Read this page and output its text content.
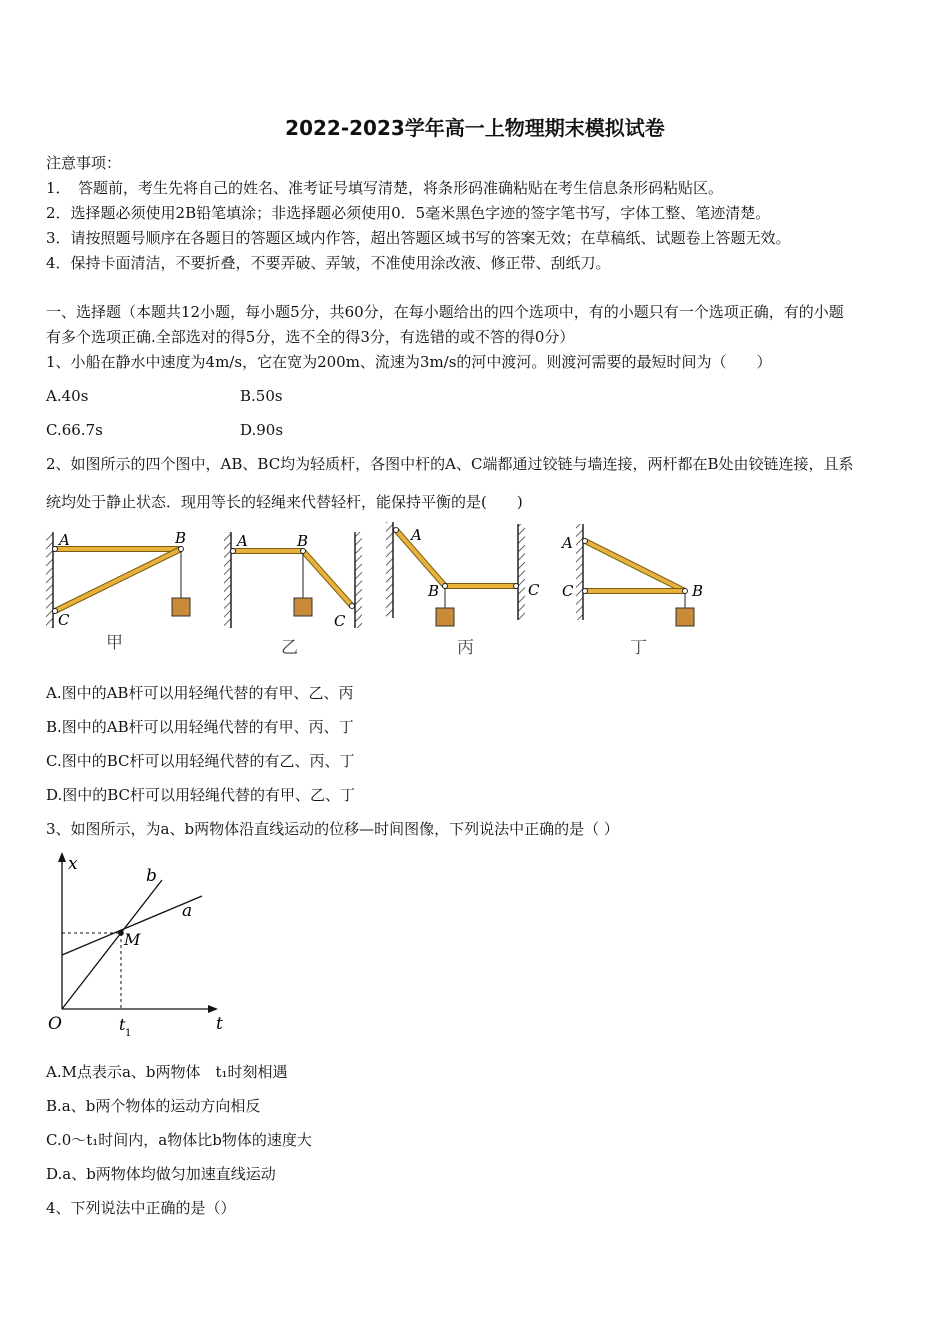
2022-2023学年高一上物理期末模拟试卷
注意事项：
1．　答题前，考生先将自己的姓名、准考证号填写清楚，将条形码准确粘贴在考生信息条形码粘贴区。
2．选择题必须使用2B铅笔填涂；非选择题必须使用0．5毫米黑色字迹的签字笔书写，字体工整、笔迹清楚。
3．请按照题号顺序在各题目的答题区域内作答，超出答题区域书写的答案无效；在草稿纸、试题卷上答题无效。
4．保持卡面清洁，不要折叠，不要弄破、弄皱，不准使用涂改液、修正带、刮纸刀。
一、选择题（本题共12小题，每小题5分，共60分，在每小题给出的四个选项中，有的小题只有一个选项正确，有的小题
有多个选项正确.全部选对的得5分，选不全的得3分，有选错的或不答的得0分）
1、小船在静水中速度为4m/s，它在宽为200m、流速为3m/s的河中渡河。则渡河需要的最短时间为（　　）
A.40s	B.50s
C.66.7s	D.90s
2、如图所示的四个图中，AB、BC均为轻质杆，各图中杆的A、C端都通过铰链与墙连接，两杆都在B处由铰链连接，且系
统均处于静止状态．现用等长的轻绳来代替轻杆，能保持平衡的是(　　)
A	B
C
甲
A	B
C
乙
A
B	C
丙
A
B
C
丁
A.图中的AB杆可以用轻绳代替的有甲、乙、丙
B.图中的AB杆可以用轻绳代替的有甲、丙、丁
C.图中的BC杆可以用轻绳代替的有乙、丙、丁
D.图中的BC杆可以用轻绳代替的有甲、乙、丁
3、如图所示，为a、b两物体沿直线运动的位移—时间图像，下列说法中正确的是（ ）
x
t
O	t 1
M
a
b
A.M点表示a、b两物体　t₁时刻相遇
B.a、b两个物体的运动方向相反
C.0～t₁时间内，a物体比b物体的速度大
D.a、b两物体均做匀加速直线运动
4、下列说法中正确的是（）
